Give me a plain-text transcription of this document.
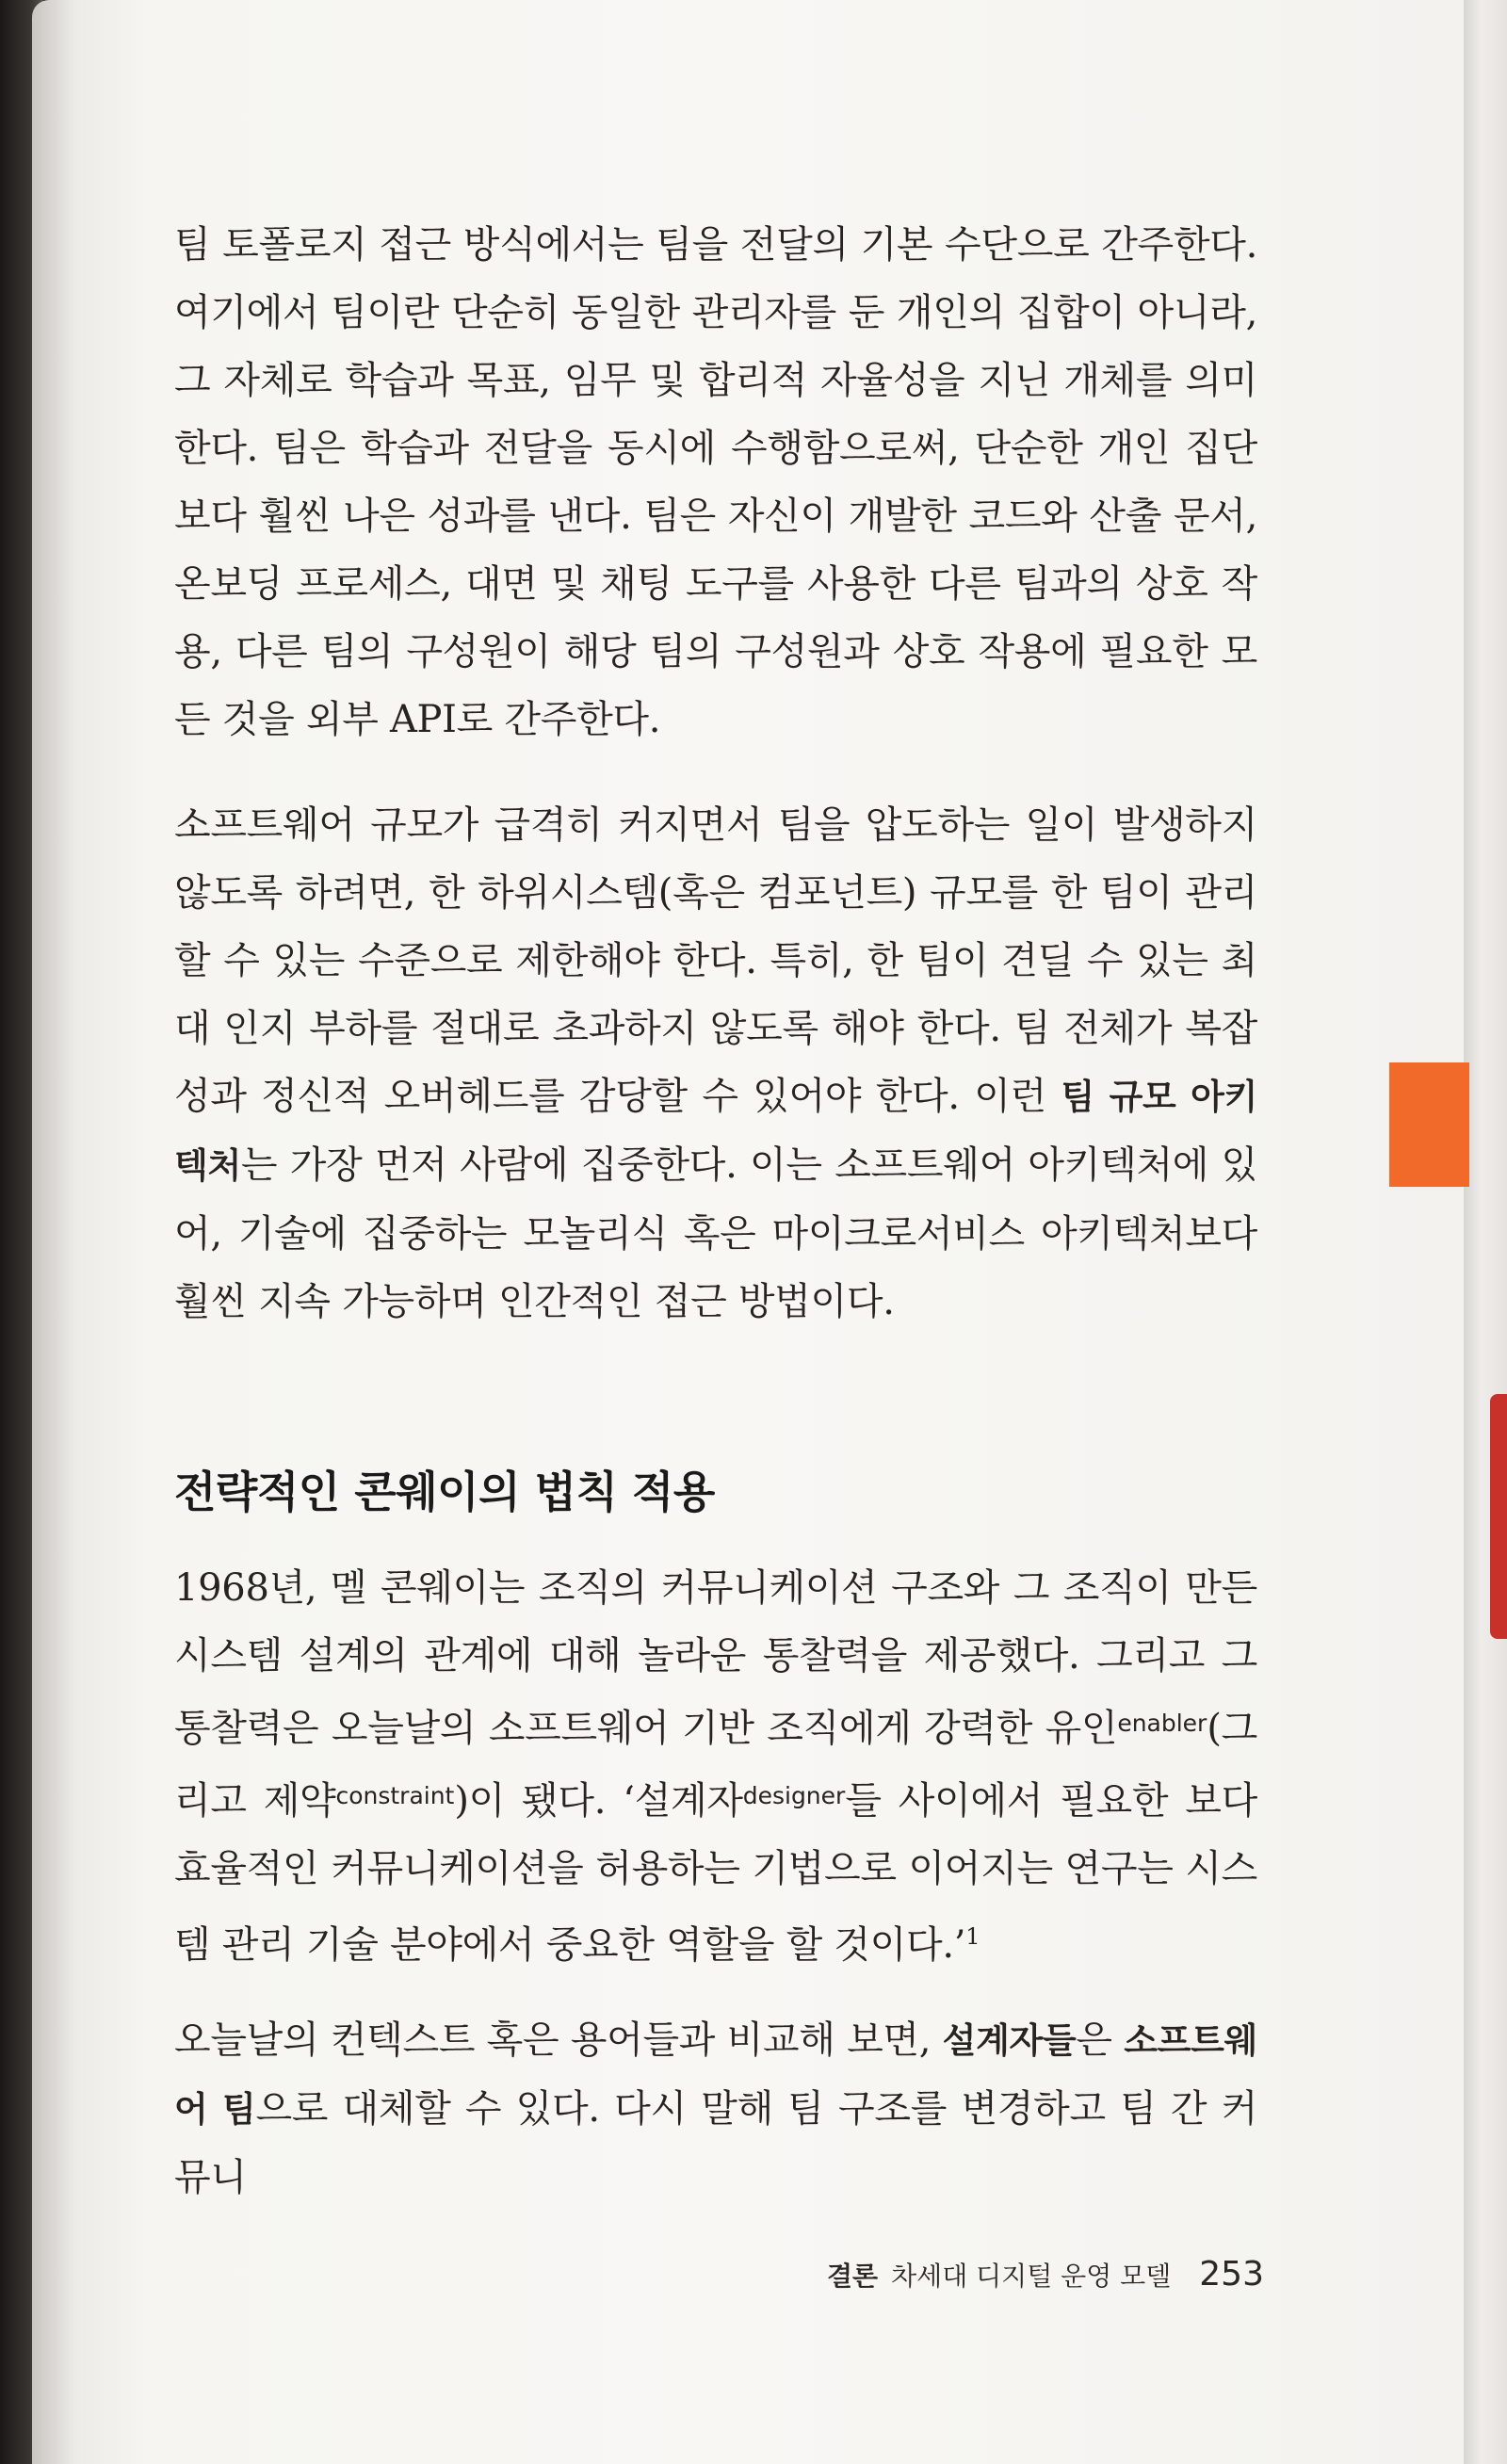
팀 토폴로지 접근 방식에서는 팀을 전달의 기본 수단으로 간주한다. 여기에서 팀이란 단순히 동일한 관리자를 둔 개인의 집합이 아니라, 그 자체로 학습과 목표, 임무 및 합리적 자율성을 지닌 개체를 의미한다. 팀은 학습과 전달을 동시에 수행함으로써, 단순한 개인 집단보다 훨씬 나은 성과를 낸다. 팀은 자신이 개발한 코드와 산출 문서, 온보딩 프로세스, 대면 및 채팅 도구를 사용한 다른 팀과의 상호 작용, 다른 팀의 구성원이 해당 팀의 구성원과 상호 작용에 필요한 모든 것을 외부 API로 간주한다.

소프트웨어 규모가 급격히 커지면서 팀을 압도하는 일이 발생하지 않도록 하려면, 한 하위시스템(혹은 컴포넌트) 규모를 한 팀이 관리할 수 있는 수준으로 제한해야 한다. 특히, 한 팀이 견딜 수 있는 최대 인지 부하를 절대로 초과하지 않도록 해야 한다. 팀 전체가 복잡성과 정신적 오버헤드를 감당할 수 있어야 한다. 이런 팀 규모 아키텍처는 가장 먼저 사람에 집중한다. 이는 소프트웨어 아키텍처에 있어, 기술에 집중하는 모놀리식 혹은 마이크로서비스 아키텍처보다 훨씬 지속 가능하며 인간적인 접근 방법이다.

전략적인 콘웨이의 법칙 적용

1968년, 멜 콘웨이는 조직의 커뮤니케이션 구조와 그 조직이 만든 시스템 설계의 관계에 대해 놀라운 통찰력을 제공했다. 그리고 그 통찰력은 오늘날의 소프트웨어 기반 조직에게 강력한 유인$^{enabler}$(그리고 제약$^{constraint}$)이 됐다. ‘설계자$^{designer}$들 사이에서 필요한 보다 효율적인 커뮤니케이션을 허용하는 기법으로 이어지는 연구는 시스템 관리 기술 분야에서 중요한 역할을 할 것이다.’$^1$

오늘날의 컨텍스트 혹은 용어들과 비교해 보면, 설계자들은 소프트웨어 팀으로 대체할 수 있다. 다시 말해 팀 구조를 변경하고 팀 간 커뮤니

결론 차세대 디지털 운영 모델 253
